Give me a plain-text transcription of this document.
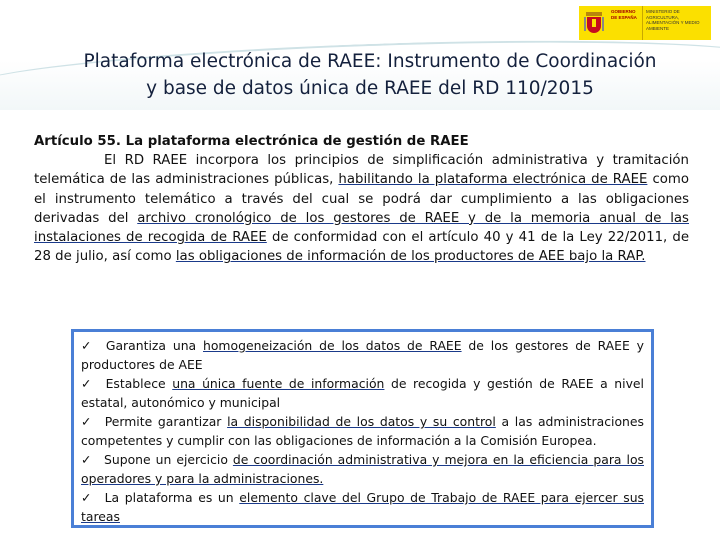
GOBIERNO DE ESPAÑA
MINISTERIO DE AGRICULTURA, ALIMENTACIÓN Y MEDIO AMBIENTE
Plataforma electrónica de RAEE: Instrumento de Coordinación
y base de datos única de RAEE del RD 110/2015

Artículo 55. La plataforma electrónica de gestión de RAEE

El RD RAEE incorpora los principios de simplificación administrativa y tramitación telemática de las administraciones públicas, habilitando la plataforma electrónica de RAEE como el instrumento telemático a través del cual se podrá dar cumplimiento a las obligaciones derivadas del archivo cronológico de los gestores de RAEE y de la memoria anual de las instalaciones de recogida de RAEE de conformidad con el artículo 40 y 41 de la Ley 22/2011, de 28 de julio, así como las obligaciones de información de los productores de AEE bajo la RAP.

✓ Garantiza una homogeneización de los datos de RAEE de los gestores de RAEE y productores de AEE

✓ Establece una única fuente de información de recogida y gestión de RAEE a nivel estatal, autonómico y municipal

✓ Permite garantizar la disponibilidad de los datos y su control a las administraciones competentes y cumplir con las obligaciones de información a la Comisión Europea.

✓ Supone un ejercicio de coordinación administrativa y mejora en la eficiencia para los operadores y para la administraciones.

✓ La plataforma es un elemento clave del Grupo de Trabajo de RAEE para ejercer sus tareas
